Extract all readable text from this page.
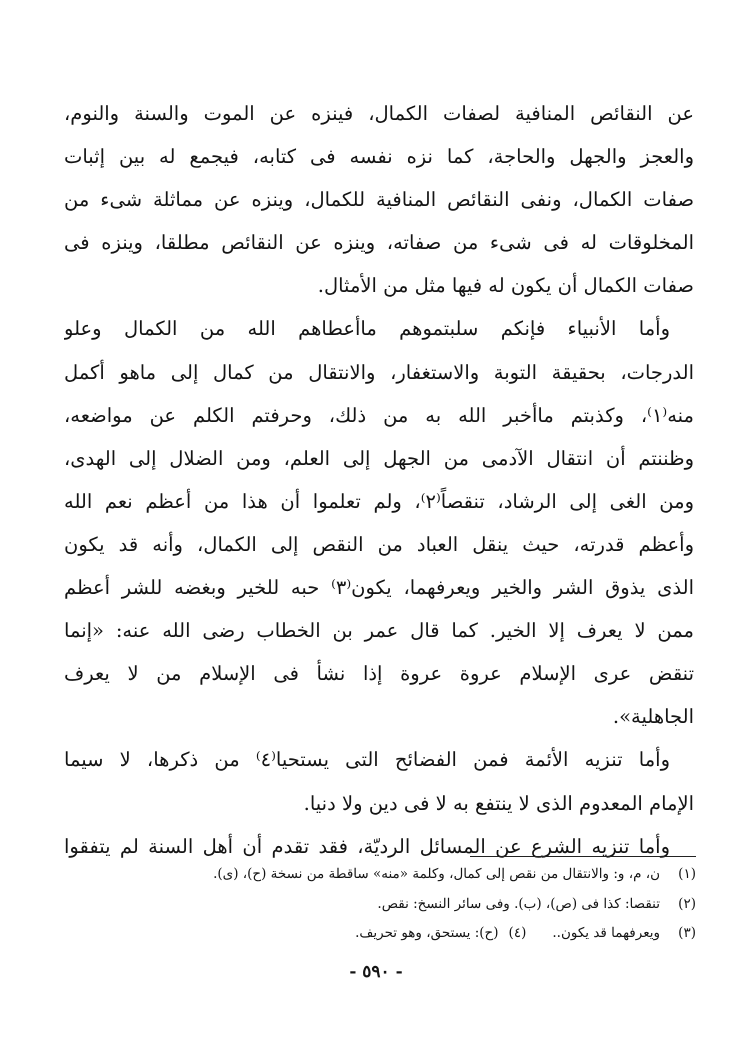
عن النقائص المنافية لصفات الكمال، فينزه عن الموت والسنة والنوم،
والعجز والجهل والحاجة، كما نزه نفسه فى كتابه، فيجمع له بين إثبات
صفات الكمال، ونفى النقائص المنافية للكمال، وينزه عن مماثلة شىء من
المخلوقات له فى شىء من صفاته، وينزه عن النقائص مطلقا، وينزه فى
صفات الكمال أن يكون له فيها مثل من الأمثال.
وأما الأنبياء فإنكم سلبتموهم ماأعطاهم الله من الكمال وعلو
الدرجات، بحقيقة التوبة والاستغفار، والانتقال من كمال إلى ماهو أكمل
منه⁽١⁾، وكذبتم ماأخبر الله به من ذلك، وحرفتم الكلم عن مواضعه،
وظننتم أن انتقال الآدمى من الجهل إلى العلم، ومن الضلال إلى الهدى،
ومن الغى إلى الرشاد، تنقصاً⁽٢⁾، ولم تعلموا أن هذا من أعظم نعم الله
وأعظم قدرته، حيث ينقل العباد من النقص إلى الكمال، وأنه قد يكون
الذى يذوق الشر والخير ويعرفهما، يكون⁽٣⁾ حبه للخير وبغضه للشر أعظم
ممن لا يعرف إلا الخير. كما قال عمر بن الخطاب رضى الله عنه: «إنما
تنقض عرى الإسلام عروة عروة إذا نشأ فى الإسلام من لا يعرف
الجاهلية».
وأما تنزيه الأئمة فمن الفضائح التى يستحيا⁽٤⁾ من ذكرها، لا سيما
الإمام المعدوم الذى لا ينتفع به لا فى دين ولا دنيا.
وأما تنزيه الشرع عن المسائل الرديّة، فقد تقدم أن أهل السنة لم يتفقوا
(١)
ن، م، و: والانتقال من نقص إلى كمال، وكلمة «منه» ساقطة من نسخة (ح)، (ى).
(٢)
تنقصا: كذا فى (ص)، (ب). وفى سائر النسخ: نقص.
(٣)
ويعرفهما قد يكون..
(٤)
(ح): يستحق، وهو تحريف.
- ٥٩٠ -
